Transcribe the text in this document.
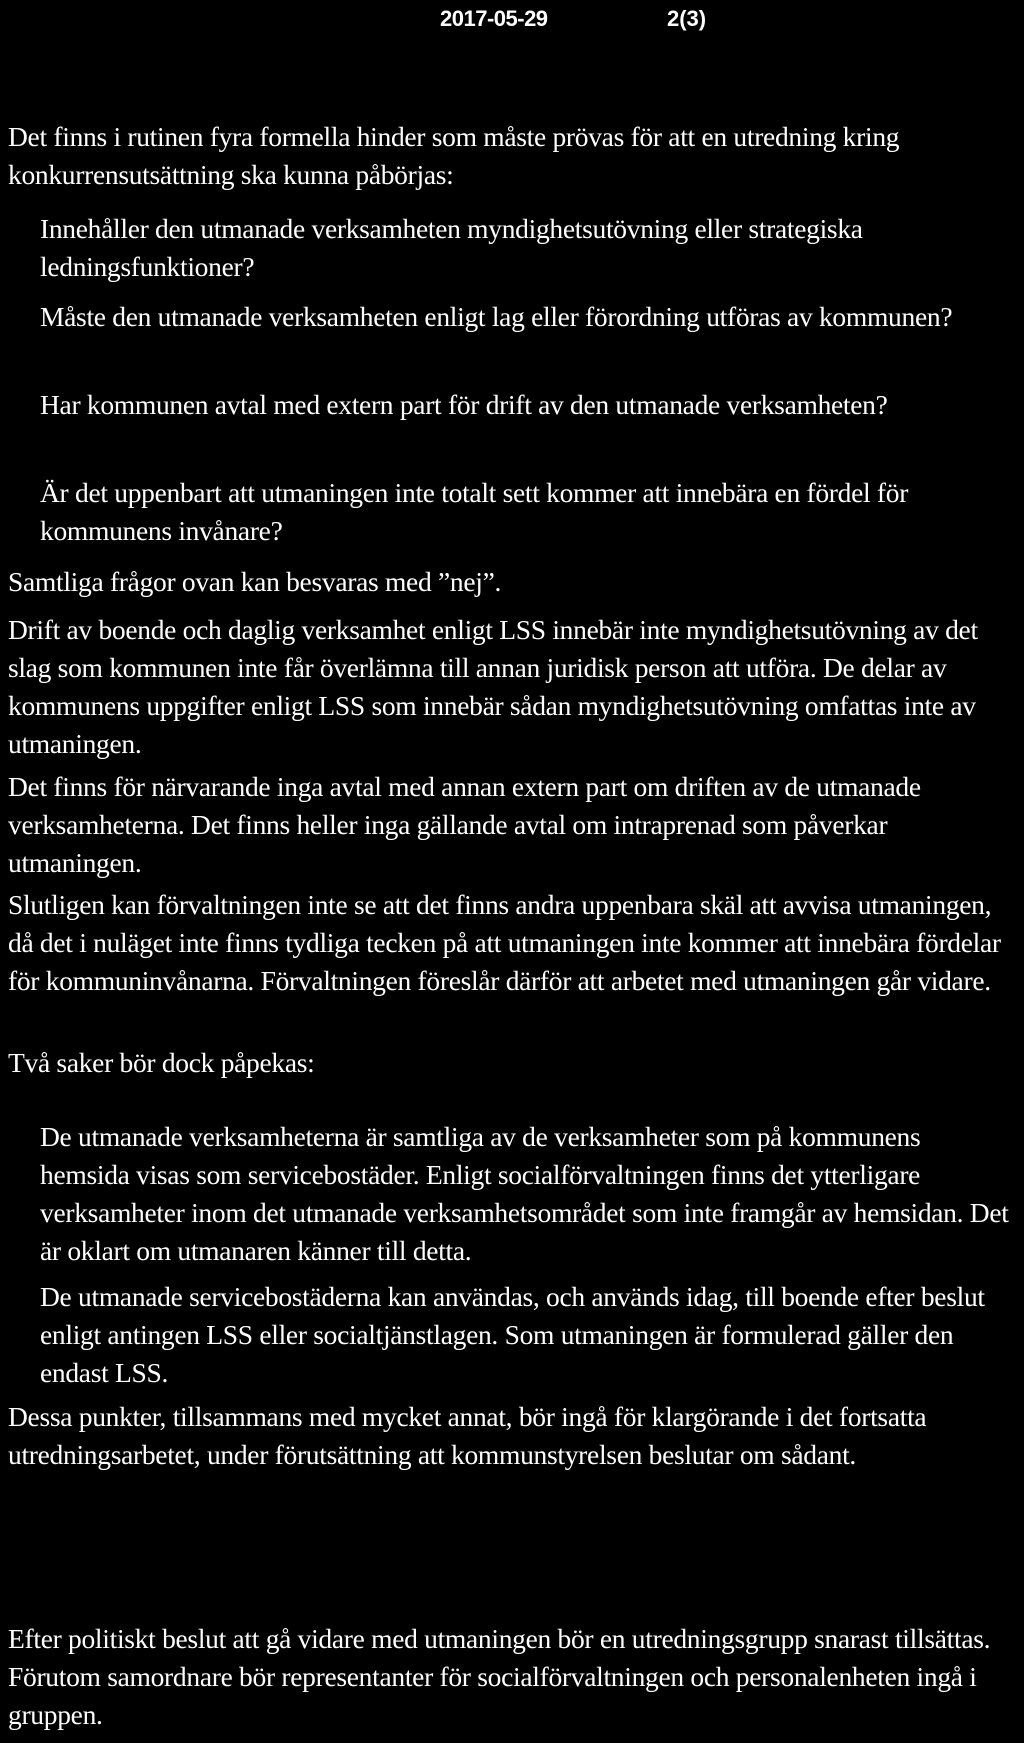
2017-05-29	2(3)

Det finns i rutinen fyra formella hinder som måste prövas för att en utredning kring konkurrensutsättning ska kunna påbörjas:

Innehåller den utmanade verksamheten myndighetsutövning eller strategiska ledningsfunktioner?

Måste den utmanade verksamheten enligt lag eller förordning utföras av kommunen?

Har kommunen avtal med extern part för drift av den utmanade verksamheten?

Är det uppenbart att utmaningen inte totalt sett kommer att innebära en fördel för kommunens invånare?

Samtliga frågor ovan kan besvaras med ”nej”.

Drift av boende och daglig verksamhet enligt LSS innebär inte myndighetsutövning av det slag som kommunen inte får överlämna till annan juridisk person att utföra. De delar av kommunens uppgifter enligt LSS som innebär sådan myndighetsutövning omfattas inte av utmaningen.

Det finns för närvarande inga avtal med annan extern part om driften av de utmanade verksamheterna. Det finns heller inga gällande avtal om intraprenad som påverkar utmaningen.

Slutligen kan förvaltningen inte se att det finns andra uppenbara skäl att avvisa utmaningen, då det i nuläget inte finns tydliga tecken på att utmaningen inte kommer att innebära fördelar för kommuninvånarna. Förvaltningen föreslår därför att arbetet med utmaningen går vidare.

Två saker bör dock påpekas:

De utmanade verksamheterna är samtliga av de verksamheter som på kommunens hemsida visas som servicebostäder. Enligt socialförvaltningen finns det ytterligare verksamheter inom det utmanade verksamhetsområdet som inte framgår av hemsidan. Det är oklart om utmanaren känner till detta.

De utmanade servicebostäderna kan användas, och används idag, till boende efter beslut enligt antingen LSS eller socialtjänstlagen. Som utmaningen är formulerad gäller den endast LSS.

Dessa punkter, tillsammans med mycket annat, bör ingå för klargörande i det fortsatta utredningsarbetet, under förutsättning att kommunstyrelsen beslutar om sådant.

Efter politiskt beslut att gå vidare med utmaningen bör en utredningsgrupp snarast tillsättas. Förutom samordnare bör representanter för socialförvaltningen och personalenheten ingå i gruppen.
